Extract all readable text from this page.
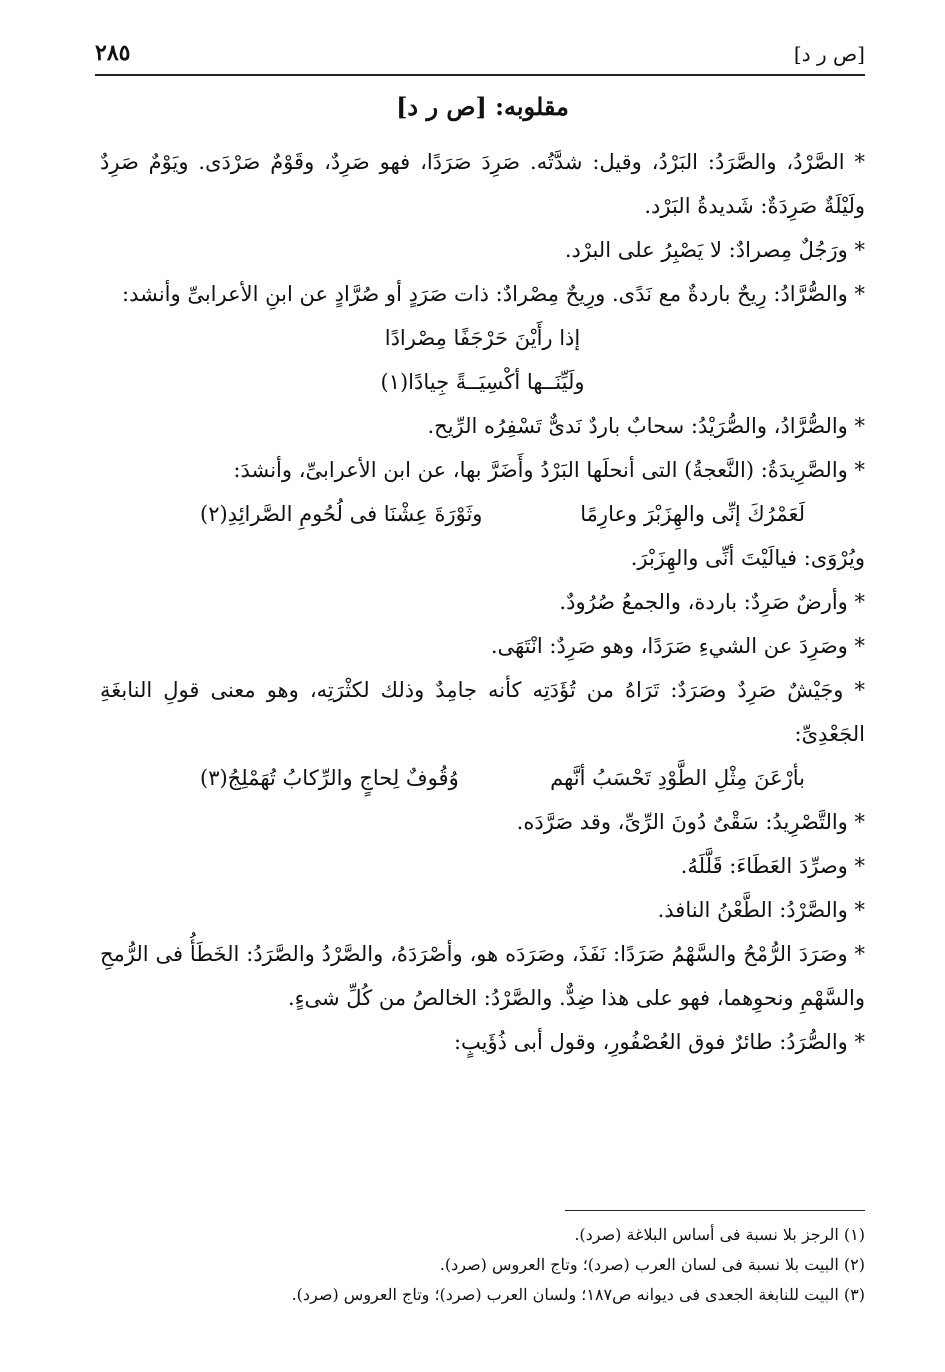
٢٨٥	[ص ر د]
مقلوبه: [ص ر د]

* الصَّرْدُ، والصَّرَدُ: البَرْدُ، وقيل: شدَّتُه. صَرِدَ صَرَدًا، فهو صَرِدٌ، وقَوْمٌ صَرْدَى. ويَوْمٌ صَرِدٌ ولَيْلَةٌ صَرِدَةٌ: شَديدةُ البَرْد.

* ورَجُلٌ مِصرادٌ: لا يَصْبِرُ على البرْد.

* والصُّرَّادُ: رِيحٌ باردةٌ مع نَدًى. ورِيحٌ مِصْرادٌ: ذات صَرَدٍ أو صُرَّادٍ عن ابنِ الأعرابىِّ وأنشد:

إذا رأَيْنَ حَرْجَفًا مِصْرادًا
ولَيِّنَــها أكْسِيَــةً جِيادًا(١)

* والصُّرَّادُ، والصُّرَيْدُ: سحابٌ باردٌ نَدىٌّ تَسْفِرُه الرِّيح.

* والصَّرِيدَةُ: (النَّعجةُ) التى أنحلَها البَرْدُ وأَضَرَّ بها، عن ابن الأعرابىِّ، وأنشدَ:

لَعَمْرُكَ إنِّى والهِزَبْرَ وعارِمًا
وثَوْرَةَ عِشْنَا فى لُحُومِ الصَّرائِدِ(٢)

ويُرْوَى: فيالَيْتَ أنِّى والهِزَبْرَ.

* وأرضٌ صَرِدٌ: باردة، والجمعُ صُرُودٌ.

* وصَرِدَ عن الشيءِ صَرَدًا، وهو صَرِدٌ: انْتَهَى.

* وجَيْشٌ صَرِدٌ وصَرَدٌ: تَرَاهُ من تُؤَدَتِه كأنه جامِدٌ وذلك لكثْرَتِه، وهو معنى قولِ النابغَةِ الجَعْدِىِّ:

بأرْعَنَ مِثْلِ الطَّوْدِ تَحْسَبُ أنَّهم
وُقُوفٌ لِحاجٍ والرِّكابُ تُهَمْلِجُ(٣)

* والتَّصْرِيدُ: سَقْىٌ دُونَ الرِّىِّ، وقد صَرَّدَه.

* وصرِّدَ العَطَاءَ: قَلَّلَهُ.

* والصَّرْدُ: الطَّعْنُ النافذ.

* وصَرَدَ الرُّمْحُ والسَّهْمُ صَرَدًا: نَفَذَ، وصَرَدَه هو، وأصْرَدَهُ، والصَّرْدُ والصَّرَدُ: الخَطَأُ فى الرُّمحِ والسَّهْمِ ونحوِهما، فهو على هذا ضِدٌّ. والصَّرْدُ: الخالصُ من كُلِّ شىءٍ.

* والصُّرَدُ: طائرٌ فوق العُصْفُورِ، وقول أبى ذُؤَيبٍ:

(١) الرجز بلا نسبة فى أساس البلاغة (صرد).

(٢) البيت بلا نسبة فى لسان العرب (صرد)؛ وتاج العروس (صرد).

(٣) البيت للنابغة الجعدى فى ديوانه ص١٨٧؛ ولسان العرب (صرد)؛ وتاج العروس (صرد).
